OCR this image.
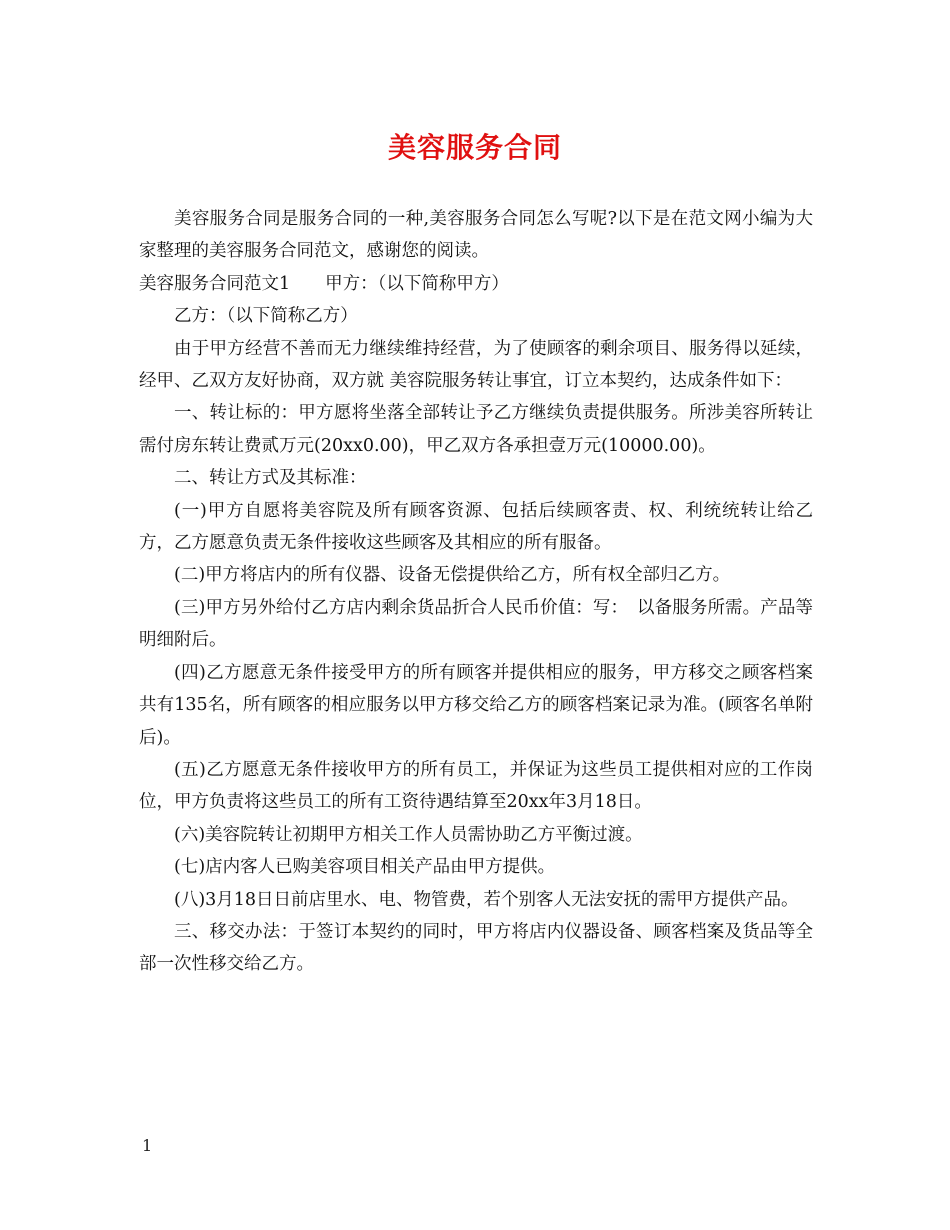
美容服务合同

美容服务合同是服务合同的一种,美容服务合同怎么写呢?以下是在范文网小编为大家整理的美容服务合同范文，感谢您的阅读。

美容服务合同范文1　　甲方：（以下简称甲方）

乙方：（以下简称乙方）

由于甲方经营不善而无力继续维持经营，为了使顾客的剩余项目、服务得以延续，经甲、乙双方友好协商，双方就 美容院服务转让事宜，订立本契约，达成条件如下：

一、转让标的：甲方愿将坐落全部转让予乙方继续负责提供服务。所涉美容所转让需付房东转让费贰万元(20xx0.00)，甲乙双方各承担壹万元(10000.00)。

二、转让方式及其标准：

(一)甲方自愿将美容院及所有顾客资源、包括后续顾客责、权、利统统转让给乙方，乙方愿意负责无条件接收这些顾客及其相应的所有服备。

(二)甲方将店内的所有仪器、设备无偿提供给乙方，所有权全部归乙方。

(三)甲方另外给付乙方店内剩余货品折合人民币价值：写：　以备服务所需。产品等明细附后。

(四)乙方愿意无条件接受甲方的所有顾客并提供相应的服务，甲方移交之顾客档案共有135名，所有顾客的相应服务以甲方移交给乙方的顾客档案记录为准。(顾客名单附后)。

(五)乙方愿意无条件接收甲方的所有员工，并保证为这些员工提供相对应的工作岗位，甲方负责将这些员工的所有工资待遇结算至20xx年3月18日。

(六)美容院转让初期甲方相关工作人员需协助乙方平衡过渡。

(七)店内客人已购美容项目相关产品由甲方提供。

(八)3月18日日前店里水、电、物管费，若个别客人无法安抚的需甲方提供产品。

三、移交办法：于签订本契约的同时，甲方将店内仪器设备、顾客档案及货品等全部一次性移交给乙方。

1
